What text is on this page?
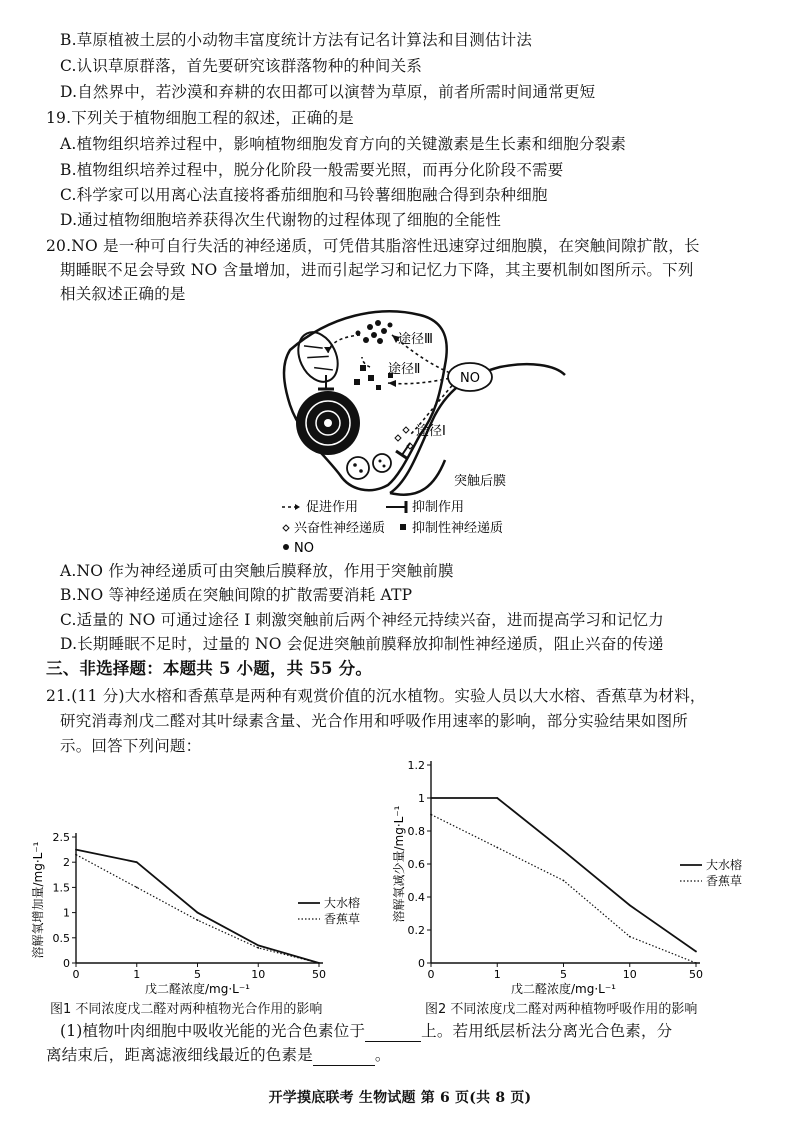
B.草原植被土层的小动物丰富度统计方法有记名计算法和目测估计法
C.认识草原群落，首先要研究该群落物种的种间关系
D.自然界中，若沙漠和弃耕的农田都可以演替为草原，前者所需时间通常更短
19.下列关于植物细胞工程的叙述，正确的是
A.植物组织培养过程中，影响植物细胞发育方向的关键激素是生长素和细胞分裂素
B.植物组织培养过程中，脱分化阶段一般需要光照，而再分化阶段不需要
C.科学家可以用离心法直接将番茄细胞和马铃薯细胞融合得到杂种细胞
D.通过植物细胞培养获得次生代谢物的过程体现了细胞的全能性
20.NO 是一种可自行失活的神经递质，可凭借其脂溶性迅速穿过细胞膜，在突触间隙扩散，长
期睡眠不足会导致 NO 含量增加，进而引起学习和记忆力下降，其主要机制如图所示。下列
相关叙述正确的是
NO
途径Ⅲ
途径Ⅱ
途径Ⅰ
突触后膜
促进作用	抑制作用
兴奋性神经递质 抑制性神经递质
NO
A.NO 作为神经递质可由突触后膜释放，作用于突触前膜
B.NO 等神经递质在突触间隙的扩散需要消耗 ATP
C.适量的 NO 可通过途径 Ⅰ 刺激突触前后两个神经元持续兴奋，进而提高学习和记忆力
D.长期睡眠不足时，过量的 NO 会促进突触前膜释放抑制性神经递质，阻止兴奋的传递
三、非选择题：本题共 5 小题，共 55 分。
21.(11 分)大水榕和香蕉草是两种有观赏价值的沉水植物。实验人员以大水榕、香蕉草为材料，
研究消毒剂戊二醛对其叶绿素含量、光合作用和呼吸作用速率的影响，部分实验结果如图所
示。回答下列问题：
0
0.5
1
1.5
2
2.5
0	1	5	10	50
戊二醛浓度/mg·L⁻¹
溶解氧增加量/mg·L⁻¹	大水榕
香蕉草
图1 不同浓度戊二醛对两种植物光合作用的影响
0
0.2
0.4
0.6
0.8
1
1.2
0	1	5	10	50
戊二醛浓度/mg·L⁻¹
溶解氧减少量/mg·L⁻¹	大水榕
香蕉草
图2 不同浓度戊二醛对两种植物呼吸作用的影响
(1)植物叶肉细胞中吸收光能的光合色素位于	上。若用纸层析法分离光合色素，分
离结束后，距离滤液细线最近的色素是	。
开学摸底联考 生物试题 第 6 页(共 8 页)
